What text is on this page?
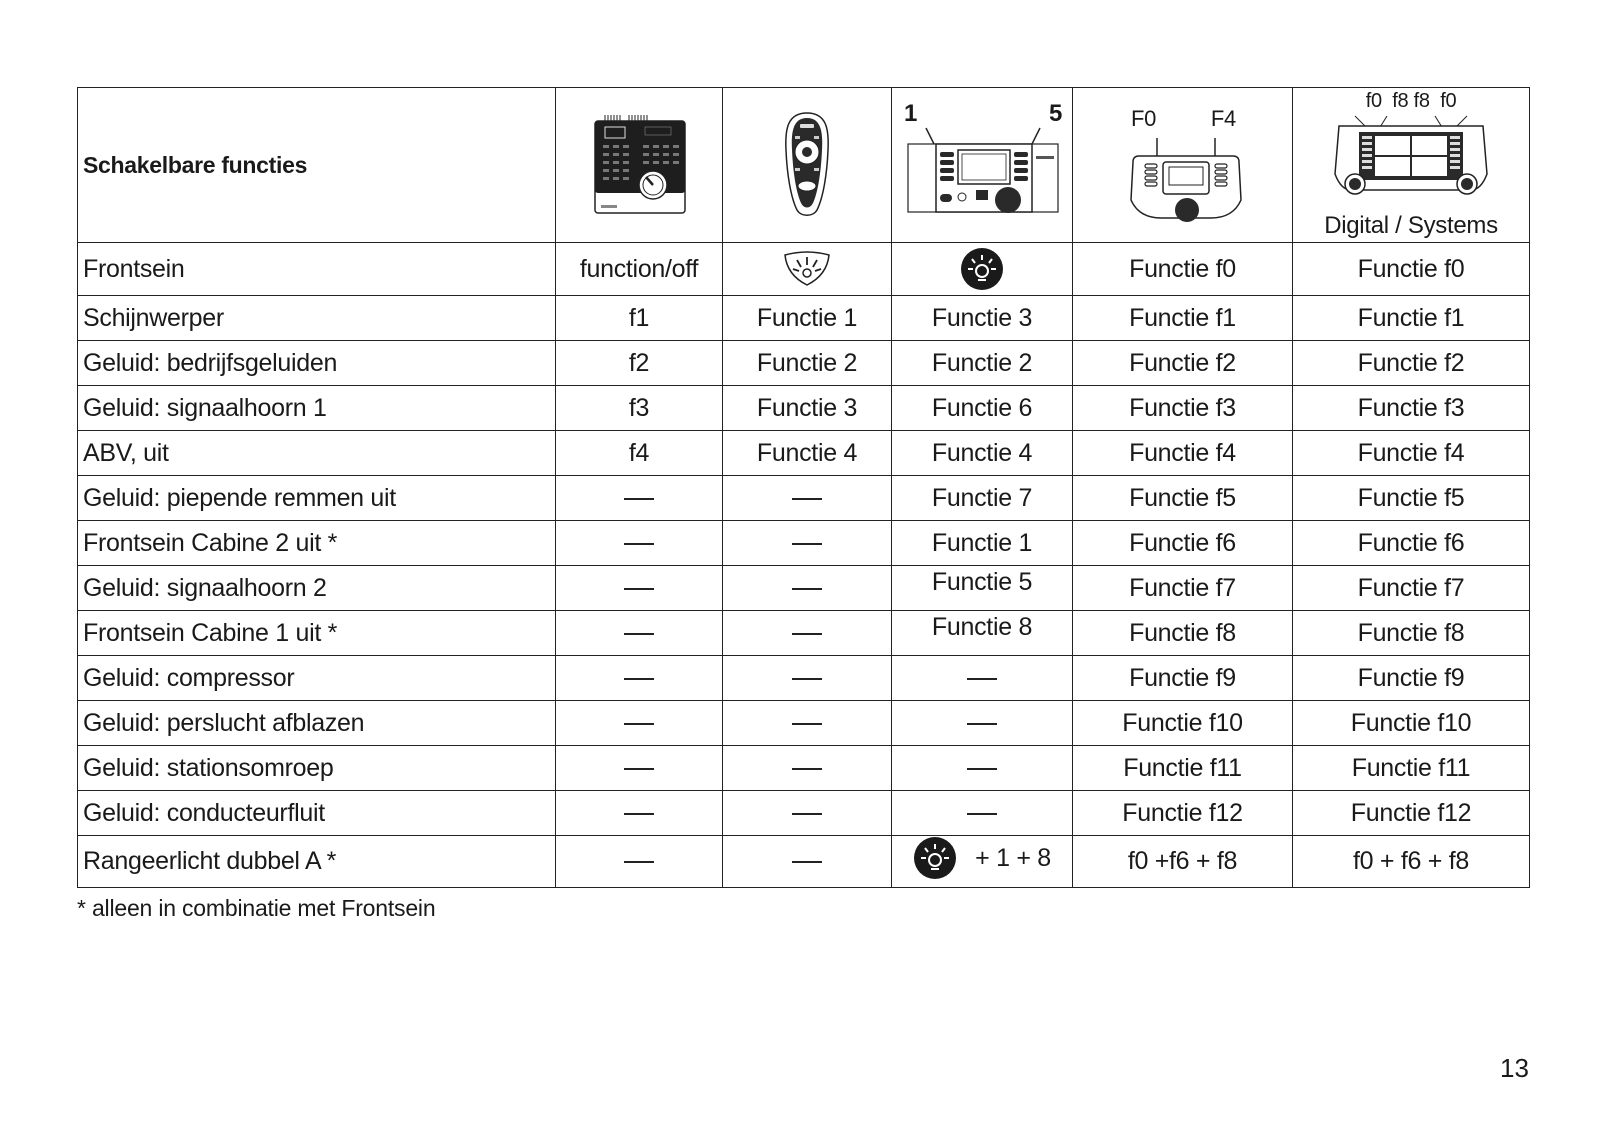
Schakelbare functies			1 5	F0 F4	f0  f8 f8  f0
Digital / Systems

Frontsein	function/off			Functie f0	Functie f0
Schijnwerper	f1	Functie 1	Functie 3	Functie f1	Functie f1
Geluid: bedrijfsgeluiden	f2	Functie 2	Functie 2	Functie f2	Functie f2
Geluid: signaalhoorn 1	f3	Functie 3	Functie 6	Functie f3	Functie f3
ABV, uit	f4	Functie 4	Functie 4	Functie f4	Functie f4
Geluid: piepende remmen uit			Functie 7	Functie f5	Functie f5
Frontsein Cabine 2 uit *			Functie 1	Functie f6	Functie f6
Geluid: signaalhoorn 2			Functie 5	Functie f7	Functie f7
Frontsein Cabine 1 uit *			Functie 8	Functie f8	Functie f8
Geluid: compressor				Functie f9	Functie f9
Geluid: perslucht afblazen				Functie f10	Functie f10
Geluid: stationsomroep				Functie f11	Functie f11
Geluid: conducteurfluit				Functie f12	Functie f12
Rangeerlicht dubbel A *			+ 1 + 8	f0 +f6 + f8	f0 + f6 + f8
* alleen in combinatie met Frontsein
13
